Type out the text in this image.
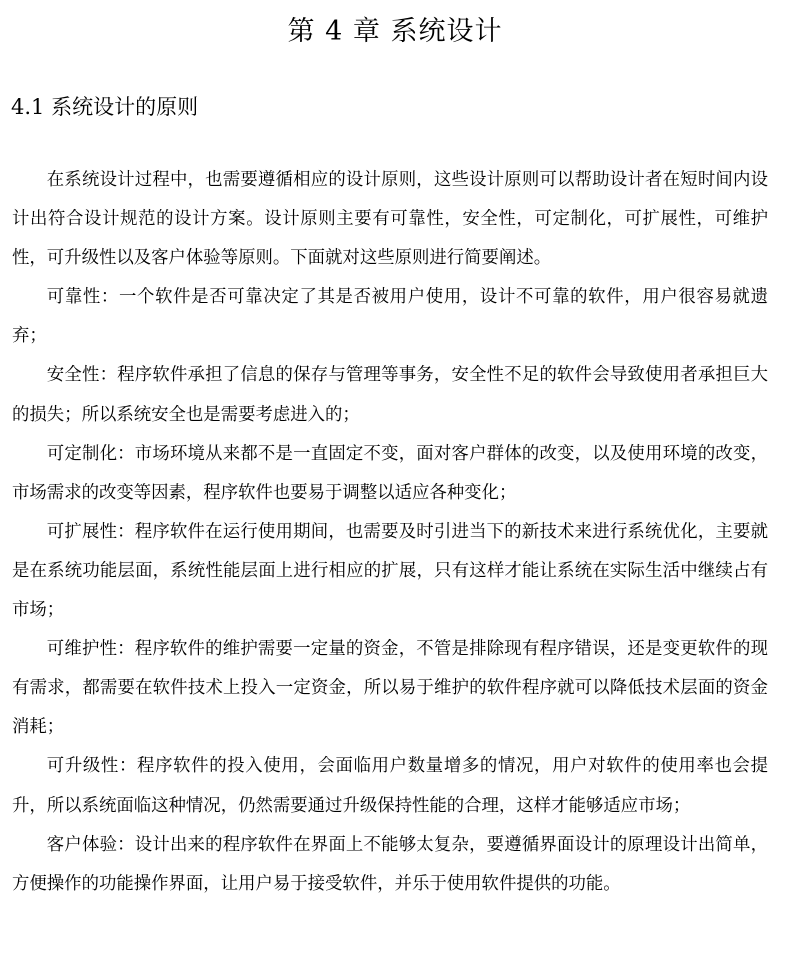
第 4 章 系统设计
4.1 系统设计的原则

在系统设计过程中，也需要遵循相应的设计原则，这些设计原则可以帮助设计者在短时间内设计出符合设计规范的设计方案。设计原则主要有可靠性，安全性，可定制化，可扩展性，可维护性，可升级性以及客户体验等原则。下面就对这些原则进行简要阐述。

可靠性：一个软件是否可靠决定了其是否被用户使用，设计不可靠的软件，用户很容易就遗弃；

安全性：程序软件承担了信息的保存与管理等事务，安全性不足的软件会导致使用者承担巨大的损失；所以系统安全也是需要考虑进入的；

可定制化：市场环境从来都不是一直固定不变，面对客户群体的改变，以及使用环境的改变，市场需求的改变等因素，程序软件也要易于调整以适应各种变化；

可扩展性：程序软件在运行使用期间，也需要及时引进当下的新技术来进行系统优化，主要就是在系统功能层面，系统性能层面上进行相应的扩展，只有这样才能让系统在实际生活中继续占有市场；

可维护性：程序软件的维护需要一定量的资金，不管是排除现有程序错误，还是变更软件的现有需求，都需要在软件技术上投入一定资金，所以易于维护的软件程序就可以降低技术层面的资金消耗；

可升级性：程序软件的投入使用，会面临用户数量增多的情况，用户对软件的使用率也会提升，所以系统面临这种情况，仍然需要通过升级保持性能的合理，这样才能够适应市场；

客户体验：设计出来的程序软件在界面上不能够太复杂，要遵循界面设计的原理设计出简单，方便操作的功能操作界面，让用户易于接受软件，并乐于使用软件提供的功能。
